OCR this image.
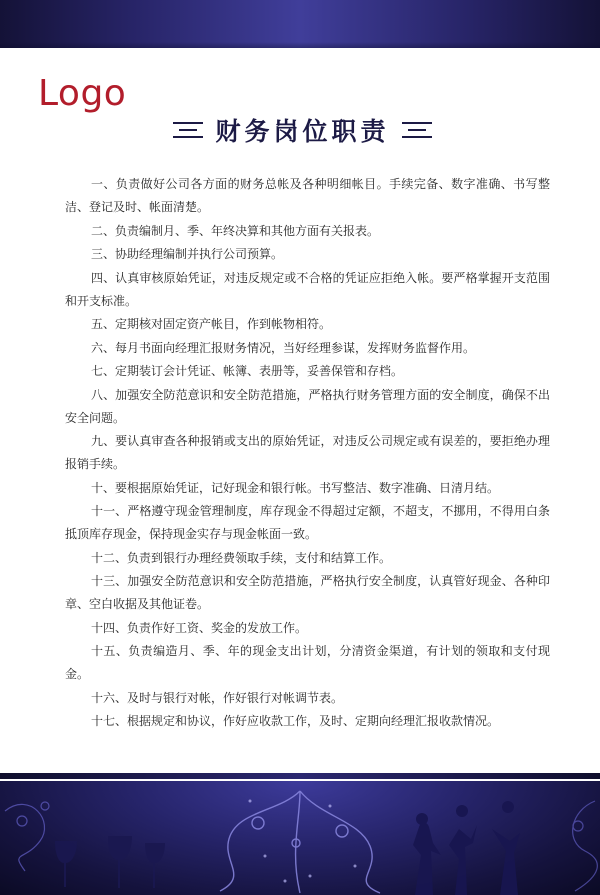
Logo
财务岗位职责

一、负责做好公司各方面的财务总帐及各种明细帐目。手续完备、数字准确、书写整洁、登记及时、帐面清楚。

二、负责编制月、季、年终决算和其他方面有关报表。

三、协助经理编制并执行公司预算。

四、认真审核原始凭证，对违反规定或不合格的凭证应拒绝入帐。要严格掌握开支范围和开支标准。

五、定期核对固定资产帐目，作到帐物相符。

六、每月书面向经理汇报财务情况，当好经理参谋，发挥财务监督作用。

七、定期装订会计凭证、帐簿、表册等，妥善保管和存档。

八、加强安全防范意识和安全防范措施，严格执行财务管理方面的安全制度，确保不出安全问题。

九、要认真审查各种报销或支出的原始凭证，对违反公司规定或有误差的，要拒绝办理报销手续。

十、要根据原始凭证，记好现金和银行帐。书写整洁、数字准确、日清月结。

十一、严格遵守现金管理制度，库存现金不得超过定额，不超支，不挪用，不得用白条抵顶库存现金，保持现金实存与现金帐面一致。

十二、负责到银行办理经费领取手续，支付和结算工作。

十三、加强安全防范意识和安全防范措施，严格执行安全制度，认真管好现金、各种印章、空白收据及其他证卷。

十四、负责作好工资、奖金的发放工作。

十五、负责编造月、季、年的现金支出计划，分清资金渠道，有计划的领取和支付现金。

十六、及时与银行对帐，作好银行对帐调节表。

十七、根据规定和协议，作好应收款工作，及时、定期向经理汇报收款情况。
